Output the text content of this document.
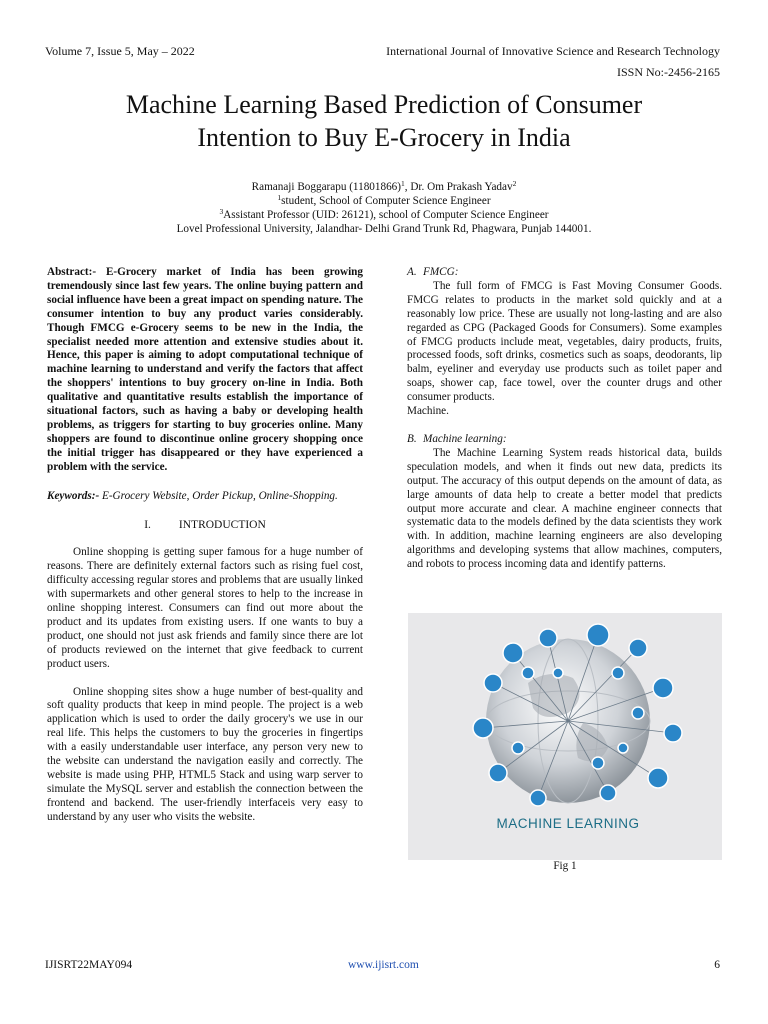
Volume 7, Issue 5, May – 2022	International Journal of Innovative Science and Research Technology
ISSN No:-2456-2165
Machine Learning Based Prediction of Consumer
Intention to Buy E-Grocery in India
Ramanaji Boggarapu $(11801866)^1$, Dr. Om Prakash Yadav$^2$
$^1$student, School of Computer Science Engineer
$^3$Assistant Professor (UID: 26121), school of Computer Science Engineer
Lovel Professional University, Jalandhar- Delhi Grand Trunk Rd, Phagwara, Punjab 144001.

Abstract:- E-Grocery market of India has been growing tremendously since last few years. The online buying pattern and social influence have been a great impact on spending nature. The consumer intention to buy any product varies considerably. Though FMCG e-Grocery seems to be new in the India, the specialist needed more attention and extensive studies about it. Hence, this paper is aiming to adopt computational technique of machine learning to understand and verify the factors that affect the shoppers' intentions to buy grocery on-line in India. Both qualitative and quantitative results establish the importance of situational factors, such as having a baby or developing health problems, as triggers for starting to buy groceries online. Many shoppers are found to discontinue online grocery shopping once the initial trigger has disappeared or they have experienced a problem with the service.

Keywords:- E-Grocery Website, Order Pickup, Online-Shopping.

I. INTRODUCTION

Online shopping is getting super famous for a huge number of reasons. There are definitely external factors such as rising fuel cost, difficulty accessing regular stores and problems that are usually linked with supermarkets and other general stores to help to the increase in online shopping interest. Consumers can find out more about the product and its updates from existing users. If one wants to buy a product, one should not just ask friends and family since there are lot of products reviewed on the internet that give feedback to current product users.

Online shopping sites show a huge number of best-quality and soft quality products that keep in mind people. The project is a web application which is used to order the daily grocery's we use in our real life. This helps the customers to buy the groceries in fingertips with a easily understandable user interface, any person very new to the website can understand the navigation easily and correctly. The website is made using PHP, HTML5 Stack and using warp server to simulate the MySQL server and establish the connection between the frontend and backend. The user-friendly interfaceis very easy to understand by any user who visits the website.

A. FMCG:

The full form of FMCG is Fast Moving Consumer Goods. FMCG relates to products in the market sold quickly and at a reasonably low price. These are usually not long-lasting and are also regarded as CPG (Packaged Goods for Consumers). Some examples of FMCG products include meat, vegetables, dairy products, fruits, processed foods, soft drinks, cosmetics such as soaps, deodorants, lip balm, eyeliner and everyday use products such as toilet paper and soaps, shower cap, face towel, over the counter drugs and other consumer products.

Machine.

B. Machine learning:

The Machine Learning System reads historical data, builds speculation models, and when it finds out new data, predicts its output. The accuracy of this output depends on the amount of data, as large amounts of data help to create a better model that predicts output more accurate and clear. A machine engineer connects that systematic data to the models defined by the data scientists they work with. In addition, machine learning engineers are also developing algorithms and developing systems that allow machines, computers, and robots to process incoming data and identify patterns.

MACHINE LEARNING
Fig 1
IJISRT22MAY094	www.ijisrt.com	6
